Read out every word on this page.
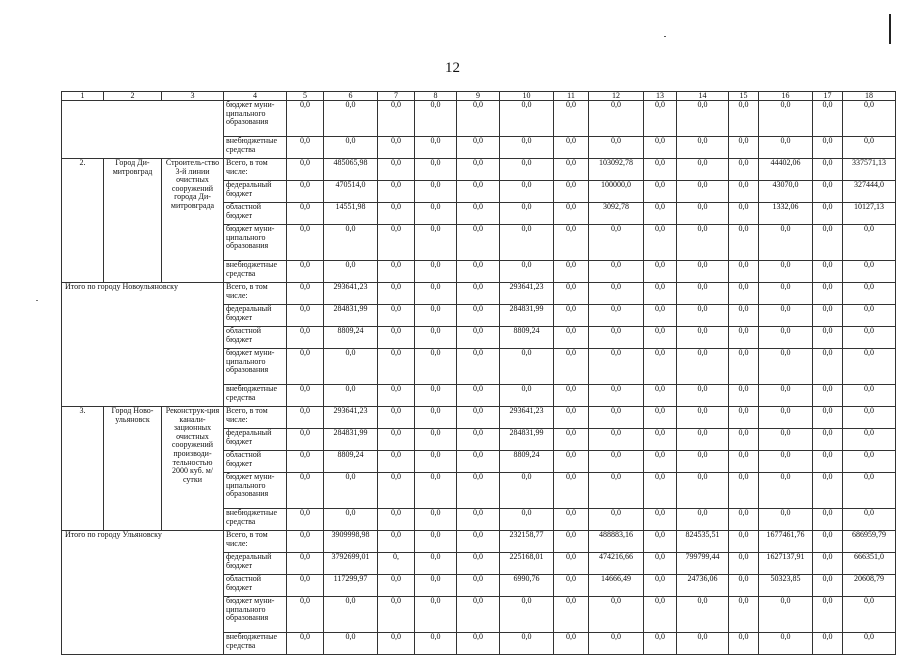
12
1	2	3	4	5	6	7	8	9	10	11	12	13	14	15	16	17	18
			бюджет муни-ципального образования	0,0	0,0	0,0	0,0	0,0	0,0	0,0	0,0	0,0	0,0	0,0	0,0	0,0	0,0
			внебюджетные средства	0,0	0,0	0,0	0,0	0,0	0,0	0,0	0,0	0,0	0,0	0,0	0,0	0,0	0,0
2.	Город Ди-митровград	Строитель-ство 3-й линии очистных сооружений города Ди-митровграда	Всего, в том числе:	0,0	485065,98	0,0	0,0	0,0	0,0	0,0	103092,78	0,0	0,0	0,0	44402,06	0,0	337571,13
			федеральный бюджет	0,0	470514,0	0,0	0,0	0,0	0,0	0,0	100000,0	0,0	0,0	0,0	43070,0	0,0	327444,0
			областной бюджет	0,0	14551,98	0,0	0,0	0,0	0,0	0,0	3092,78	0,0	0,0	0,0	1332,06	0,0	10127,13
			бюджет муни-ципального образования	0,0	0,0	0,0	0,0	0,0	0,0	0,0	0,0	0,0	0,0	0,0	0,0	0,0	0,0
			внебюджетные средства	0,0	0,0	0,0	0,0	0,0	0,0	0,0	0,0	0,0	0,0	0,0	0,0	0,0	0,0
Итого по городу Новоульяновску			Всего, в том числе:	0,0	293641,23	0,0	0,0	0,0	293641,23	0,0	0,0	0,0	0,0	0,0	0,0	0,0	0,0
			федеральный бюджет	0,0	284831,99	0,0	0,0	0,0	284831,99	0,0	0,0	0,0	0,0	0,0	0,0	0,0	0,0
			областной бюджет	0,0	8809,24	0,0	0,0	0,0	8809,24	0,0	0,0	0,0	0,0	0,0	0,0	0,0	0,0
			бюджет муни-ципального образования	0,0	0,0	0,0	0,0	0,0	0,0	0,0	0,0	0,0	0,0	0,0	0,0	0,0	0,0
			внебюджетные средства	0,0	0,0	0,0	0,0	0,0	0,0	0,0	0,0	0,0	0,0	0,0	0,0	0,0	0,0
3.	Город Ново-ульяновск	Реконструк-ция канали-зационных очистных сооружений производи-тельностью 2000 куб. м/сутки	Всего, в том числе:	0,0	293641,23	0,0	0,0	0,0	293641,23	0,0	0,0	0,0	0,0	0,0	0,0	0,0	0,0
			федеральный бюджет	0,0	284831,99	0,0	0,0	0,0	284831,99	0,0	0,0	0,0	0,0	0,0	0,0	0,0	0,0
			областной бюджет	0,0	8809,24	0,0	0,0	0,0	8809,24	0,0	0,0	0,0	0,0	0,0	0,0	0,0	0,0
			бюджет муни-ципального образования	0,0	0,0	0,0	0,0	0,0	0,0	0,0	0,0	0,0	0,0	0,0	0,0	0,0	0,0
			внебюджетные средства	0,0	0,0	0,0	0,0	0,0	0,0	0,0	0,0	0,0	0,0	0,0	0,0	0,0	0,0
Итого по городу Ульяновску			Всего, в том числе:	0,0	3909998,98	0,0	0,0	0,0	232158,77	0,0	488883,16	0,0	824535,51	0,0	1677461,76	0,0	686959,79
			федеральный бюджет	0,0	3792699,01	0,	0,0	0,0	225168,01	0,0	474216,66	0,0	799799,44	0,0	1627137,91	0,0	666351,0
			областной бюджет	0,0	117299,97	0,0	0,0	0,0	6990,76	0,0	14666,49	0,0	24736,06	0,0	50323,85	0,0	20608,79
			бюджет муни-ципального образования	0,0	0,0	0,0	0,0	0,0	0,0	0,0	0,0	0,0	0,0	0,0	0,0	0,0	0,0
			внебюджетные средства	0,0	0,0	0,0	0,0	0,0	0,0	0,0	0,0	0,0	0,0	0,0	0,0	0,0	0,0
